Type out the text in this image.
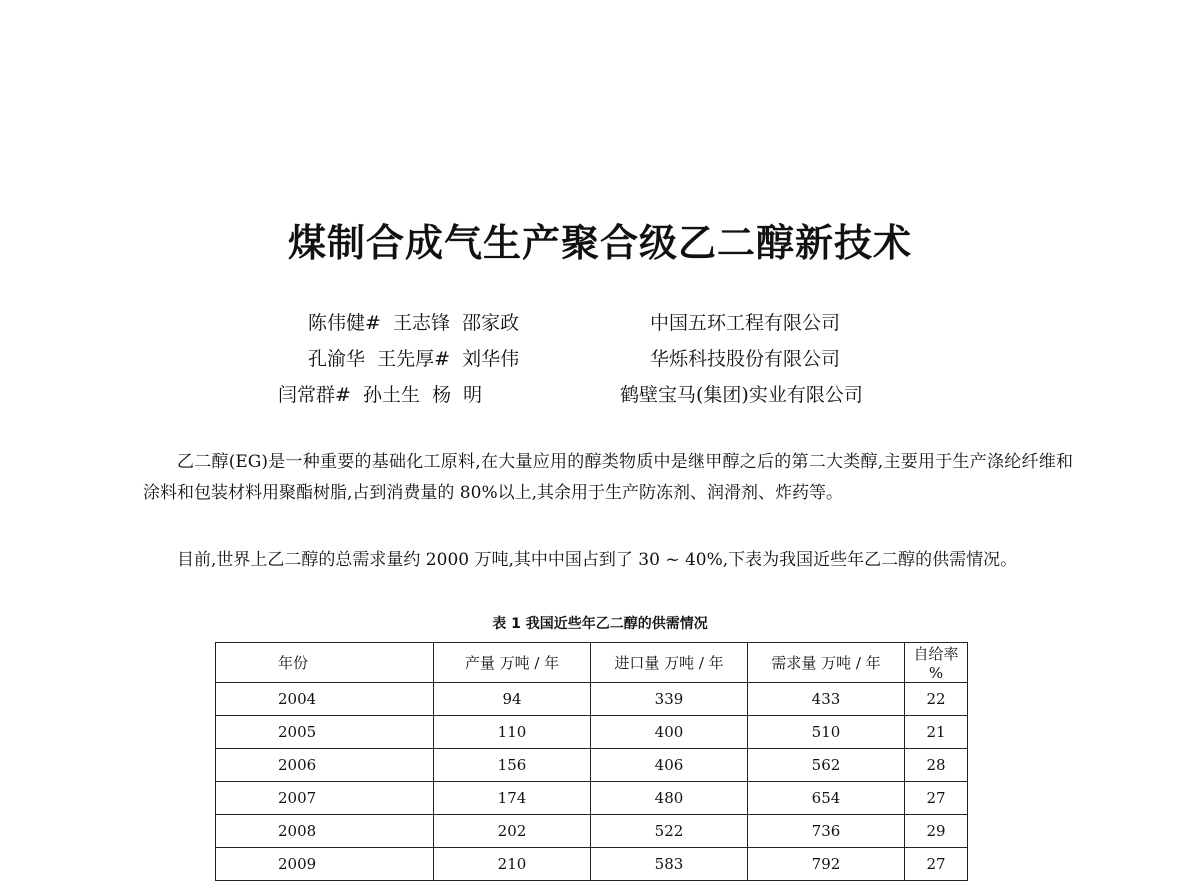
煤制合成气生产聚合级乙二醇新技术
陈伟健#  王志锋  邵家政	中国五环工程有限公司
孔渝华  王先厚#  刘华伟	华烁科技股份有限公司
闫常群#  孙土生  杨  明	鹤壁宝马(集团)实业有限公司
乙二醇(EG)是一种重要的基础化工原料,在大量应用的醇类物质中是继甲醇之后的第二大类醇,主要用于生产涤纶纤维和涂料和包装材料用聚酯树脂,占到消费量的 80%以上,其余用于生产防冻剂、润滑剂、炸药等。
目前,世界上乙二醇的总需求量约 2000 万吨,其中中国占到了 30 ~ 40%,下表为我国近些年乙二醇的供需情况。
表 1 我国近些年乙二醇的供需情况
年份	产量 万吨 / 年	进口量 万吨 / 年	需求量 万吨 / 年	自给率 %
2004	94	339	433	22
2005	110	400	510	21
2006	156	406	562	28
2007	174	480	654	27
2008	202	522	736	29
2009	210	583	792	27
